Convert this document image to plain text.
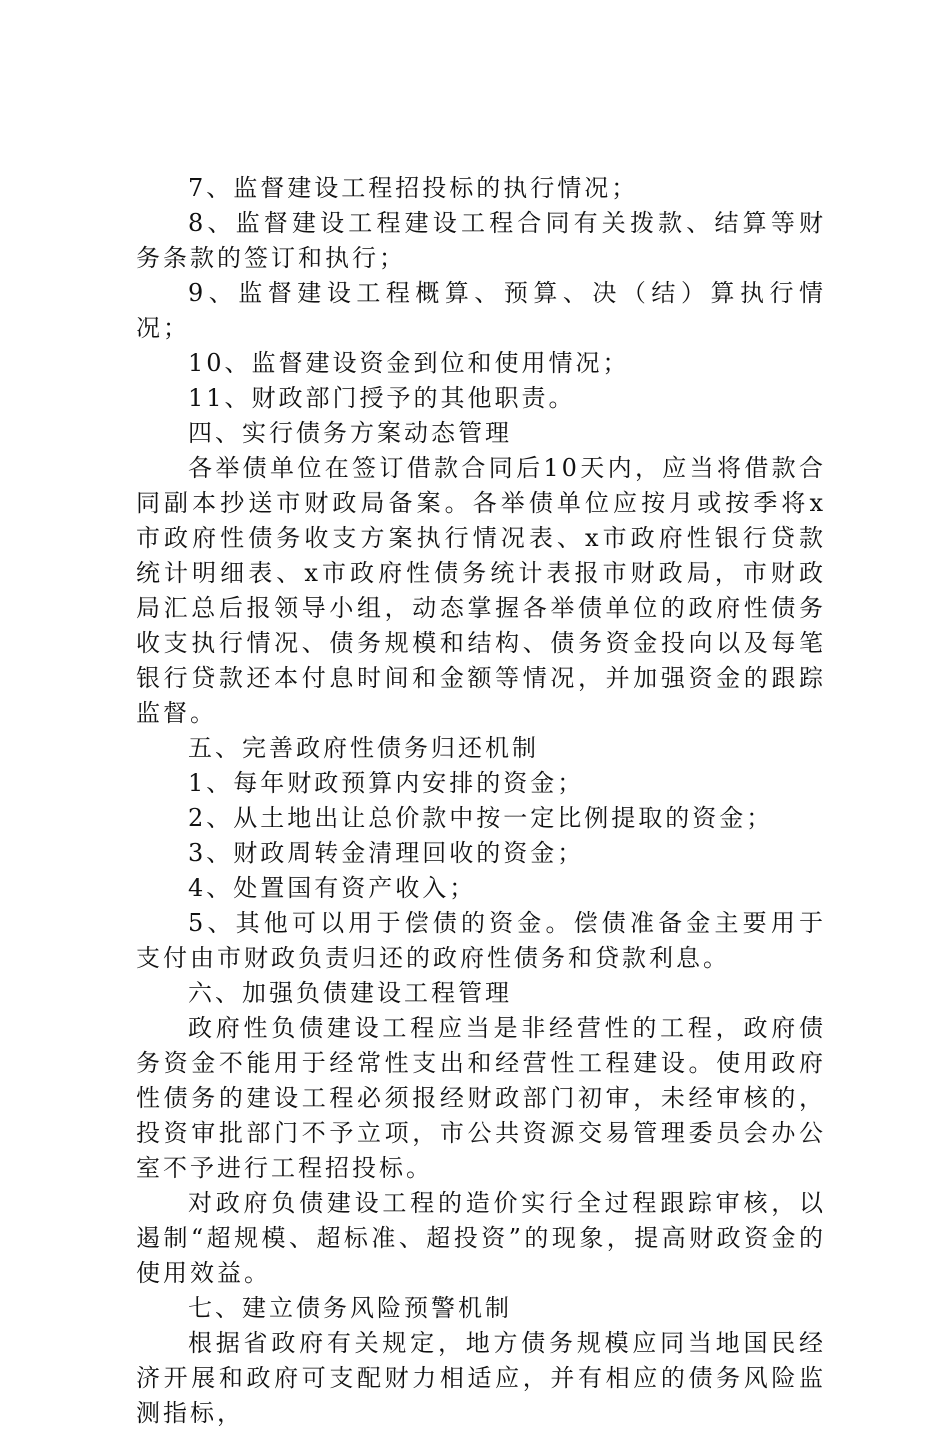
7、监督建设工程招投标的执行情况；

8、监督建设工程建设工程合同有关拨款、结算等财务条款的签订和执行；

9、监督建设工程概算、预算、决（结）算执行情况；

10、监督建设资金到位和使用情况；

11、财政部门授予的其他职责。

四、实行债务方案动态管理

各举债单位在签订借款合同后10天内，应当将借款合同副本抄送市财政局备案。各举债单位应按月或按季将x市政府性债务收支方案执行情况表、x市政府性银行贷款统计明细表、x市政府性债务统计表报市财政局，市财政局汇总后报领导小组，动态掌握各举债单位的政府性债务收支执行情况、债务规模和结构、债务资金投向以及每笔银行贷款还本付息时间和金额等情况，并加强资金的跟踪监督。

五、完善政府性债务归还机制

1、每年财政预算内安排的资金；

2、从土地出让总价款中按一定比例提取的资金；

3、财政周转金清理回收的资金；

4、处置国有资产收入；

5、其他可以用于偿债的资金。偿债准备金主要用于支付由市财政负责归还的政府性债务和贷款利息。

六、加强负债建设工程管理

政府性负债建设工程应当是非经营性的工程，政府债务资金不能用于经常性支出和经营性工程建设。使用政府性债务的建设工程必须报经财政部门初审，未经审核的，投资审批部门不予立项，市公共资源交易管理委员会办公室不予进行工程招投标。

对政府负债建设工程的造价实行全过程跟踪审核，以遏制“超规模、超标准、超投资”的现象，提高财政资金的使用效益。

七、建立债务风险预警机制

根据省政府有关规定，地方债务规模应同当地国民经济开展和政府可支配财力相适应，并有相应的债务风险监测指标，
